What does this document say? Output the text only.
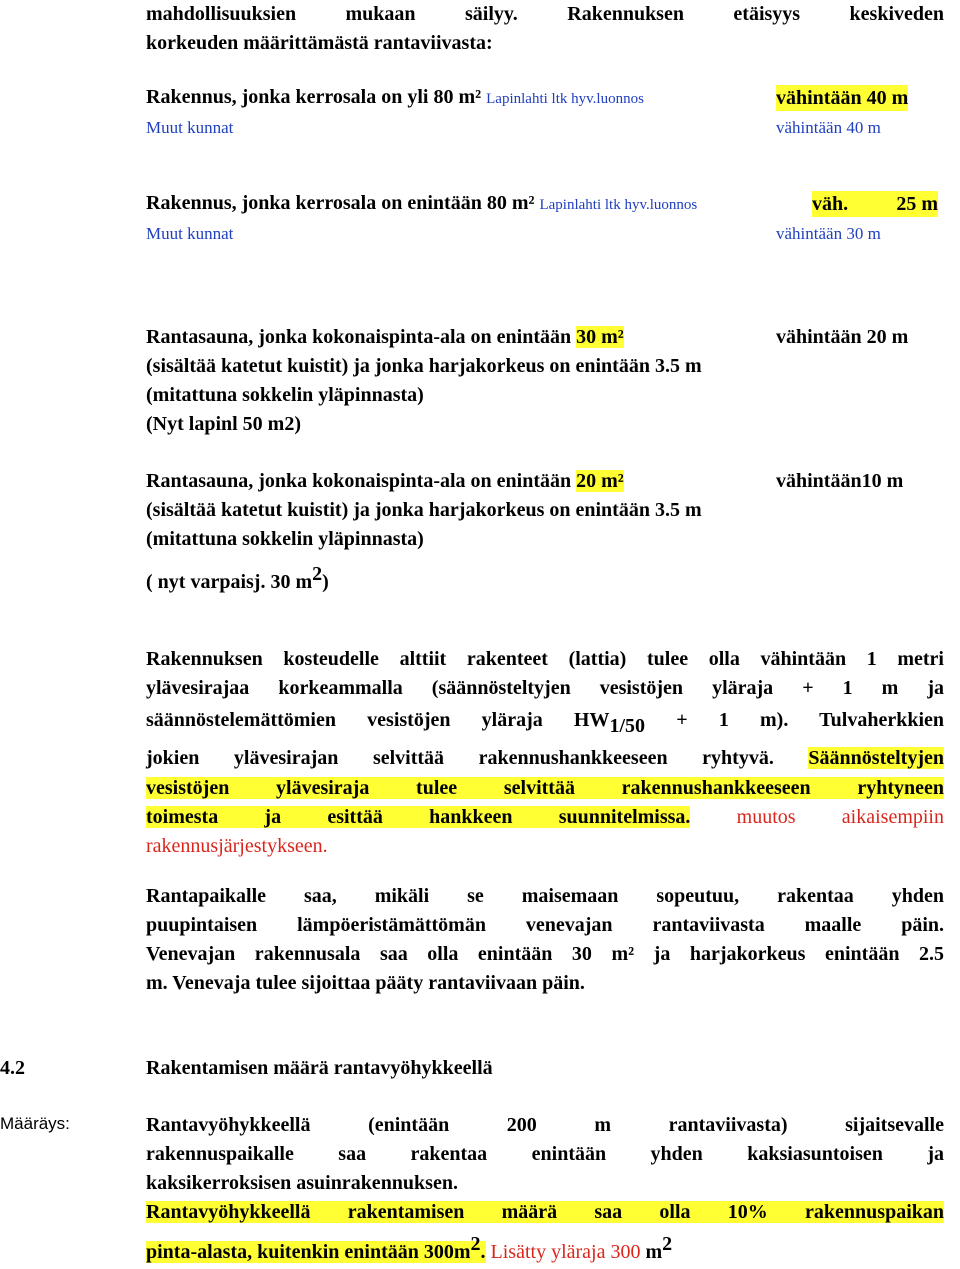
mahdollisuuksien mukaan säilyy. Rakennuksen etäisyys keskiveden
korkeuden määrittämästä rantaviivasta:
Rakennus, jonka kerrosala on yli 80 m² Lapinlahti ltk hyv.luonnos	vähintään 40 m
Muut kunnat	vähintään 40 m
Rakennus, jonka kerrosala on enintään 80 m² Lapinlahti ltk hyv.luonnos	väh. 25 m
Muut kunnat	vähintään 30 m
Rantasauna, jonka kokonaispinta-ala on enintään 30 m²	vähintään 20 m
(sisältää katetut kuistit) ja jonka harjakorkeus on enintään 3.5 m
(mitattuna sokkelin yläpinnasta)
(Nyt lapinl 50 m2)
Rantasauna, jonka kokonaispinta-ala on enintään 20 m²	vähintään10 m
(sisältää katetut kuistit) ja jonka harjakorkeus on enintään 3.5 m
(mitattuna sokkelin yläpinnasta)
( nyt varpaisj. 30 m2)
Rakennuksen kosteudelle alttiit rakenteet (lattia) tulee olla vähintään 1 metri
ylävesirajaa korkeammalla (säännösteltyjen vesistöjen yläraja + 1 m ja
säännöstelemättömien vesistöjen yläraja HW1/50 + 1 m). Tulvaherkkien
jokien ylävesirajan selvittää rakennushankkeeseen ryhtyvä. Säännösteltyjen
vesistöjen ylävesiraja tulee selvittää rakennushankkeeseen ryhtyneen
toimesta ja esittää hankkeen suunnitelmissa. muutos aikaisempiin
rakennusjärjestykseen.
Rantapaikalle saa, mikäli se maisemaan sopeutuu, rakentaa yhden
puupintaisen lämpöeristämättömän venevajan rantaviivasta maalle päin.
Venevajan rakennusala saa olla enintään 30 m² ja harjakorkeus enintään 2.5
m. Venevaja tulee sijoittaa pääty rantaviivaan päin.
4.2	Rakentamisen määrä rantavyöhykkeellä
Määräys:	Rantavyöhykkeellä (enintään 200 m rantaviivasta) sijaitsevalle
rakennuspaikalle saa rakentaa enintään yhden kaksiasuntoisen ja
kaksikerroksisen asuinrakennuksen.
Rantavyöhykkeellä rakentamisen määrä saa olla 10% rakennuspaikan
pinta-alasta, kuitenkin enintään 300m2. Lisätty yläraja 300 m2
